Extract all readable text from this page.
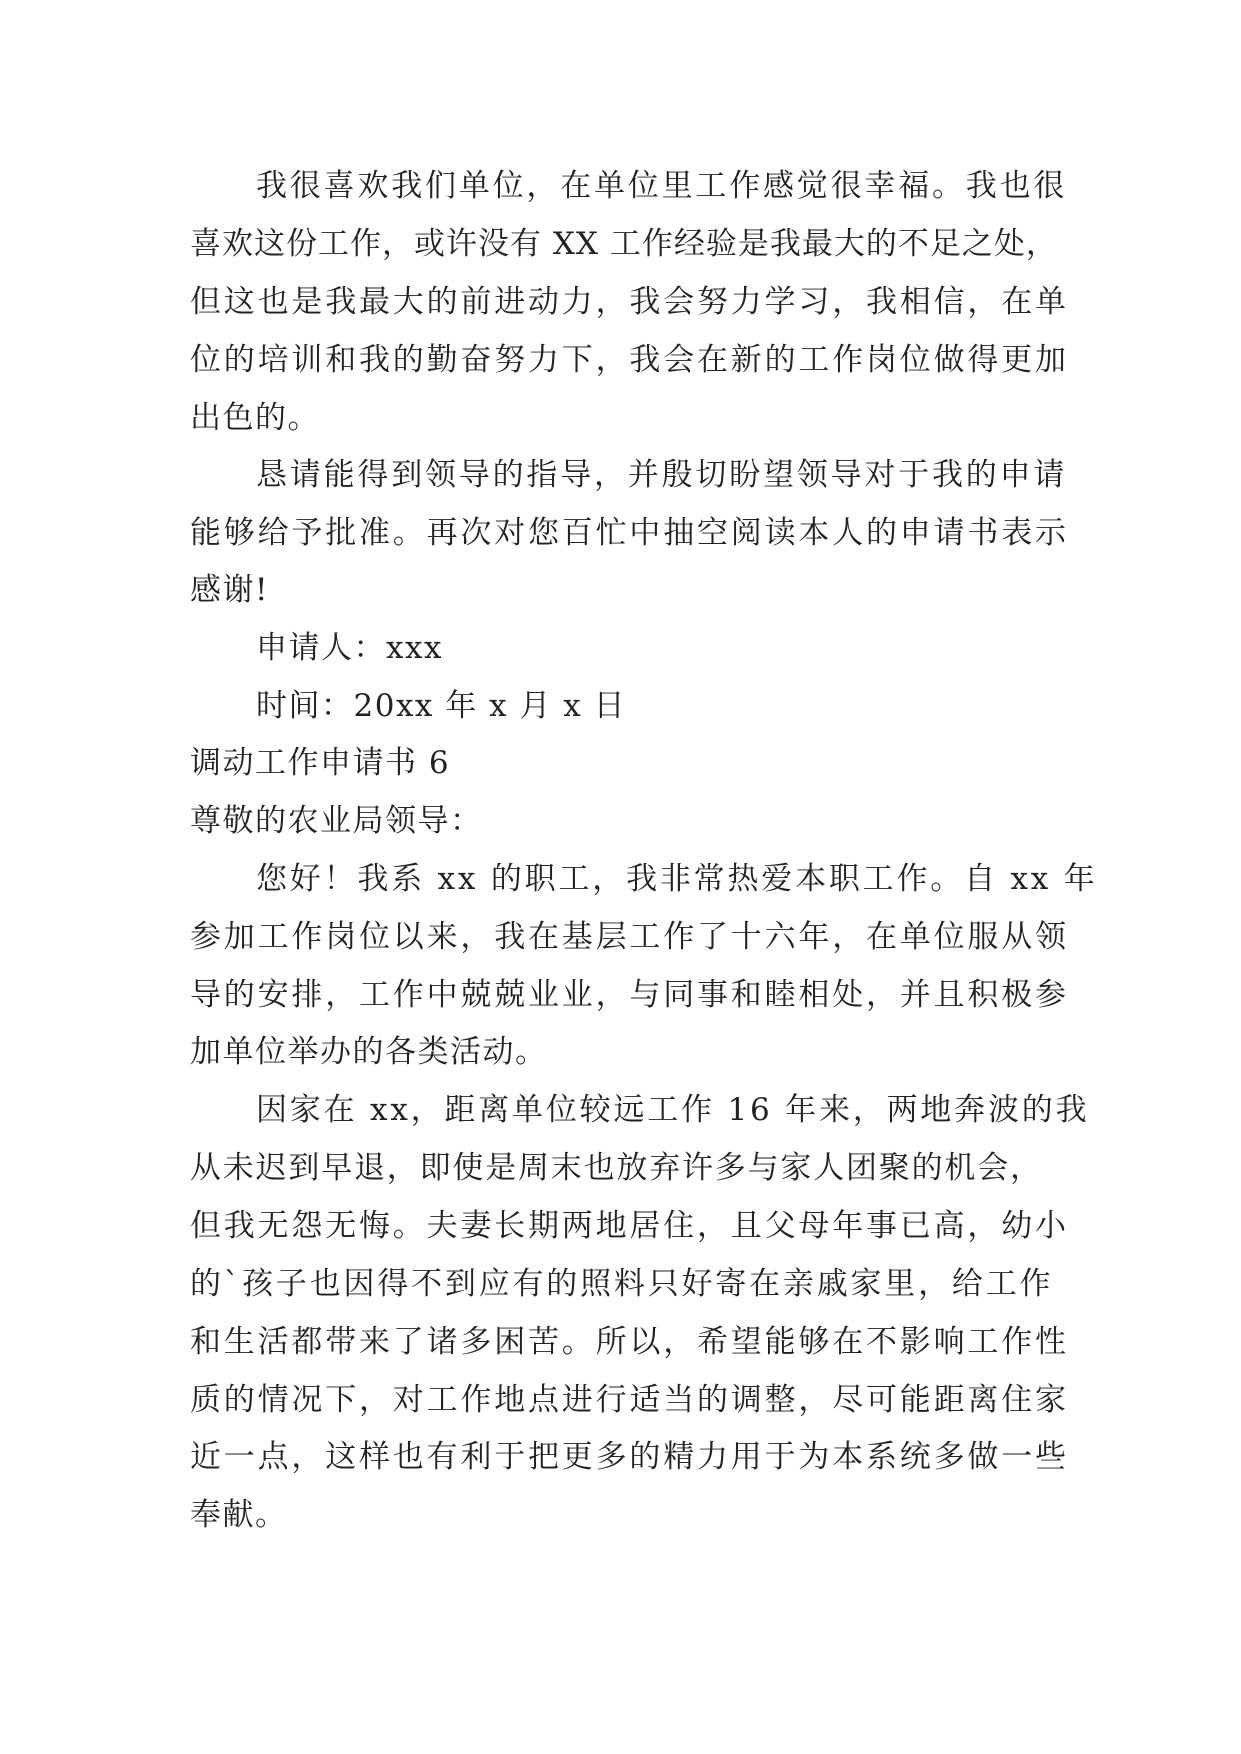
我很喜欢我们单位，在单位里工作感觉很幸福。我也很

喜欢这份工作，或许没有 XX 工作经验是我最大的不足之处，

但这也是我最大的前进动力，我会努力学习，我相信，在单

位的培训和我的勤奋努力下，我会在新的工作岗位做得更加

出色的。

恳请能得到领导的指导，并殷切盼望领导对于我的申请

能够给予批准。再次对您百忙中抽空阅读本人的申请书表示

感谢!

申请人：xxx

时间：20xx 年 x 月 x 日

调动工作申请书 6

尊敬的农业局领导：

您好！我系 xx 的职工，我非常热爱本职工作。自 xx 年

参加工作岗位以来，我在基层工作了十六年，在单位服从领

导的安排，工作中兢兢业业，与同事和睦相处，并且积极参

加单位举办的各类活动。

因家在 xx，距离单位较远工作 16 年来，两地奔波的我

从未迟到早退，即使是周末也放弃许多与家人团聚的机会，

但我无怨无悔。夫妻长期两地居住，且父母年事已高，幼小

的`孩子也因得不到应有的照料只好寄在亲戚家里，给工作

和生活都带来了诸多困苦。所以，希望能够在不影响工作性

质的情况下，对工作地点进行适当的调整，尽可能距离住家

近一点，这样也有利于把更多的精力用于为本系统多做一些

奉献。
